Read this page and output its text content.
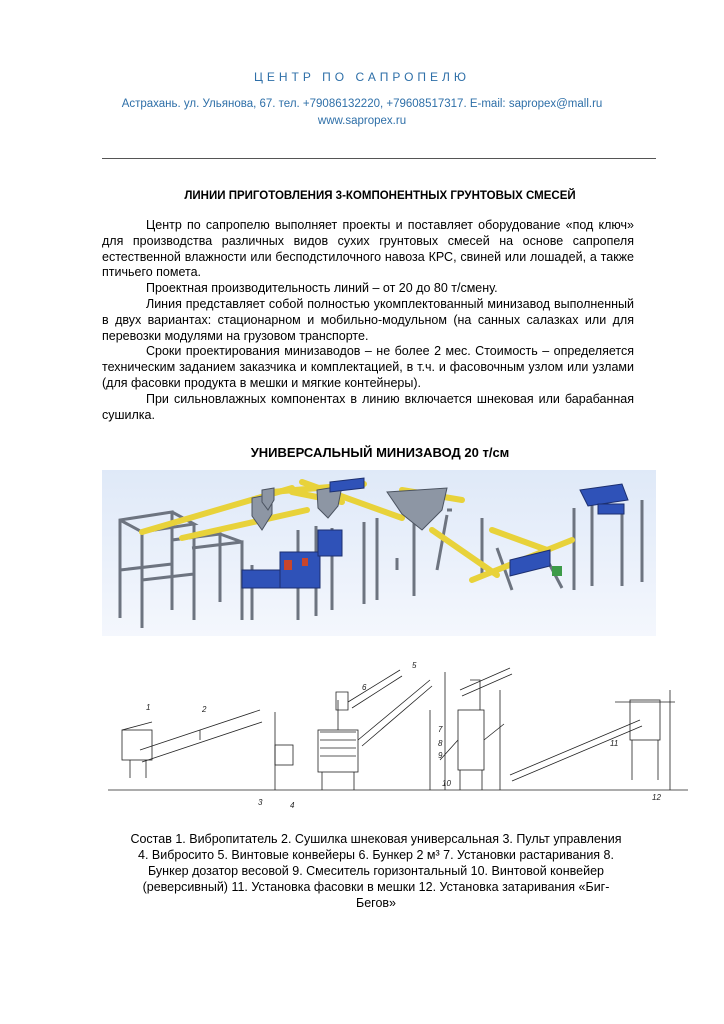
ЦЕНТР ПО САПРОПЕЛЮ
Астрахань. ул. Ульянова, 67. тел. +79086132220, +79608517317. E-mail: sapropex@mall.ru
www.sapropex.ru
ЛИНИИ ПРИГОТОВЛЕНИЯ 3-КОМПОНЕНТНЫХ ГРУНТОВЫХ СМЕСЕЙ

Центр по сапропелю выполняет проекты и поставляет оборудование «под ключ» для производства различных видов сухих грунтовых смесей на основе сапропеля естественной влажности или бесподстилочного навоза КРС, свиней или лошадей, а также птичьего помета.

Проектная производительность линий – от 20 до 80 т/смену.

Линия представляет собой полностью укомплектованный минизавод выполненный в двух вариантах: стационарном и мобильно-модульном (на санных салазках или для перевозки модулями на грузовом транспорте.

Сроки проектирования минизаводов – не более 2 мес. Стоимость – определяется техническим заданием заказчика и комплектацией, в т.ч. и фасовочным узлом или узлами (для фасовки продукта в мешки и мягкие контейнеры).

При сильновлажных компонентах в линию включается шнековая или барабанная сушилка.

УНИВЕРСАЛЬНЫЙ МИНИЗАВОД 20 т/см
1	2
3	4
5
6
7
8
9
10
11
12
Состав 1. Вибропитатель 2. Сушилка шнековая универсальная 3. Пульт управления
4. Вибросито 5. Винтовые конвейеры 6. Бункер 2 м³ 7. Установки растаривания 8.
Бункер дозатор весовой 9. Смеситель горизонтальный 10. Винтовой конвейер
(реверсивный) 11. Установка фасовки в мешки 12. Установка затаривания «Биг-
Бегов»
